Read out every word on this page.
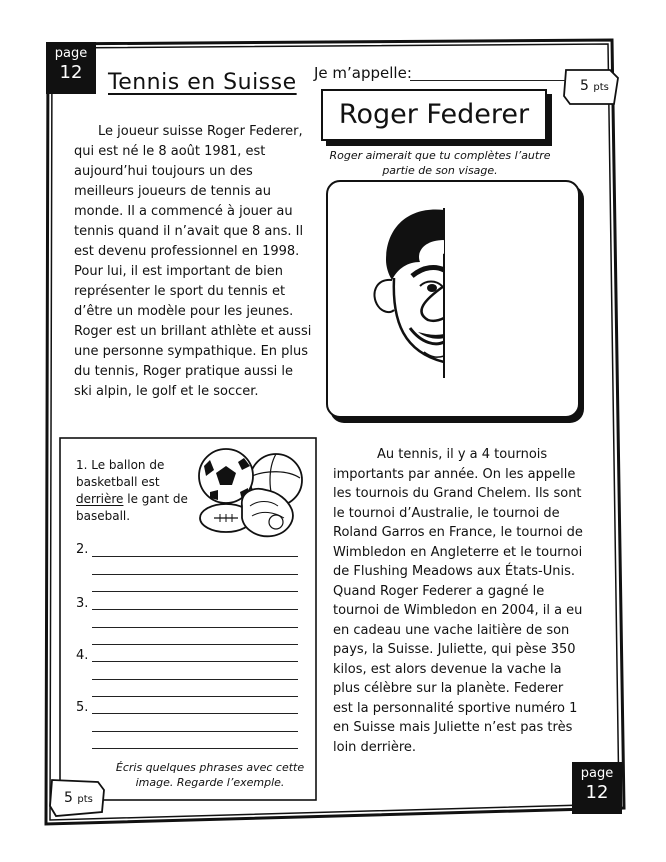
page
12
page
12
Tennis en Suisse Je m’appelle:
5 pts
Roger Federer
Le joueur suisse Roger Federer, qui est né le 8 août 1981, est aujourd’hui toujours un des meilleurs joueurs de tennis au monde. Il a commencé à jouer au tennis quand il n’avait que 8 ans. Il est devenu professionnel en 1998. Pour lui, il est important de bien représenter le sport du tennis et d’être un modèle pour les jeunes. Roger est un brillant athlète et aussi une personne sympathique. En plus du tennis, Roger pratique aussi le ski alpin, le golf et le soccer.
Roger aimerait que tu complètes l’autre partie de son visage.
1. Le ballon de basketball est derrière le gant de baseball.
2.
3.
4.
5.
Écris quelques phrases avec cette image. Regarde l’exemple.
5 pts
Au tennis, il y a 4 tournois importants par année. On les appelle les tournois du Grand Chelem. Ils sont le tournoi d’Australie, le tournoi de Roland Garros en France, le tournoi de Wimbledon en Angleterre et le tournoi de Flushing Meadows aux États-Unis. Quand Roger Federer a gagné le tournoi de Wimbledon en 2004, il a eu en cadeau une vache laitière de son pays, la Suisse. Juliette, qui pèse 350 kilos, est alors devenue la vache la plus célèbre sur la planète. Federer est la personnalité sportive numéro 1 en Suisse mais Juliette n’est pas très loin derrière.
